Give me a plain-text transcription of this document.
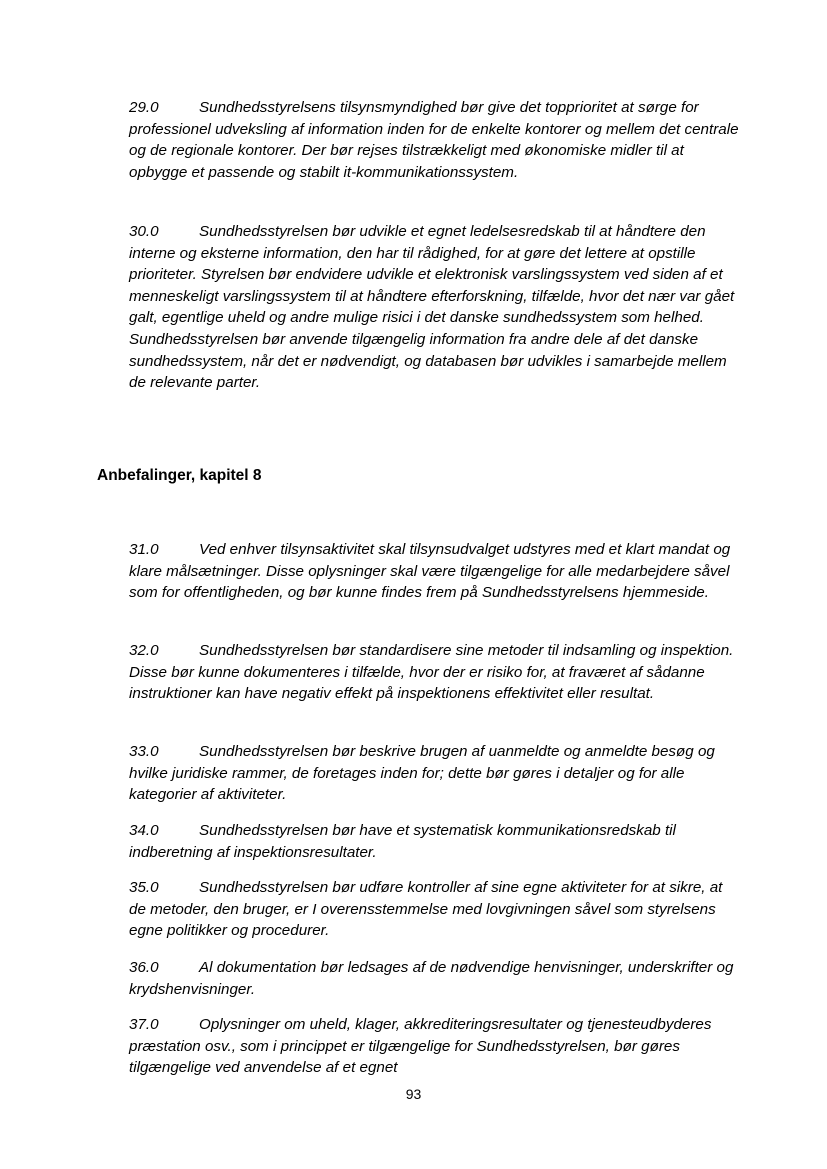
29.0	Sundhedsstyrelsens tilsynsmyndighed bør give det topprioritet at sørge for professionel udveksling af information inden for de enkelte kontorer og mellem det centrale og de regionale kontorer. Der bør rejses tilstrækkeligt med økonomiske midler til at opbygge et passende og stabilt it-kommunikationssystem.
30.0	Sundhedsstyrelsen bør udvikle et egnet ledelsesredskab til at håndtere den interne og eksterne information, den har til rådighed, for at gøre det lettere at opstille prioriteter. Styrelsen bør endvidere udvikle et elektronisk varslingssystem ved siden af et menneskeligt varslingssystem til at håndtere efterforskning, tilfælde, hvor det nær var gået galt, egentlige uheld og andre mulige risici i det danske sundhedssystem som helhed. Sundhedsstyrelsen bør anvende tilgængelig information fra andre dele af det danske sundhedssystem, når det er nødvendigt, og databasen bør udvikles i samarbejde mellem de relevante parter.
Anbefalinger, kapitel 8
31.0	Ved enhver tilsynsaktivitet skal tilsynsudvalget udstyres med et klart mandat og klare målsætninger. Disse oplysninger skal være tilgængelige for alle medarbejdere såvel som for offentligheden, og bør kunne findes frem på Sundhedsstyrelsens hjemmeside.
32.0	Sundhedsstyrelsen bør standardisere sine metoder til indsamling og inspektion. Disse bør kunne dokumenteres i tilfælde, hvor der er risiko for, at fraværet af sådanne instruktioner kan have negativ effekt på inspektionens effektivitet eller resultat.
33.0	Sundhedsstyrelsen bør beskrive brugen af uanmeldte og anmeldte besøg og hvilke juridiske rammer, de foretages inden for; dette bør gøres i detaljer og for alle kategorier af aktiviteter.
34.0	Sundhedsstyrelsen bør have et systematisk kommunikationsredskab til indberetning af inspektionsresultater.
35.0	Sundhedsstyrelsen bør udføre kontroller af sine egne aktiviteter for at sikre, at de metoder, den bruger, er I overensstemmelse med lovgivningen såvel som styrelsens egne politikker og procedurer.
36.0	Al dokumentation bør ledsages af de nødvendige henvisninger, underskrifter og krydshenvisninger.
37.0	Oplysninger om uheld, klager, akkrediteringsresultater og tjenesteudbyderes præstation osv., som i princippet er tilgængelige for Sundhedsstyrelsen, bør gøres tilgængelige ved anvendelse af et egnet
93
